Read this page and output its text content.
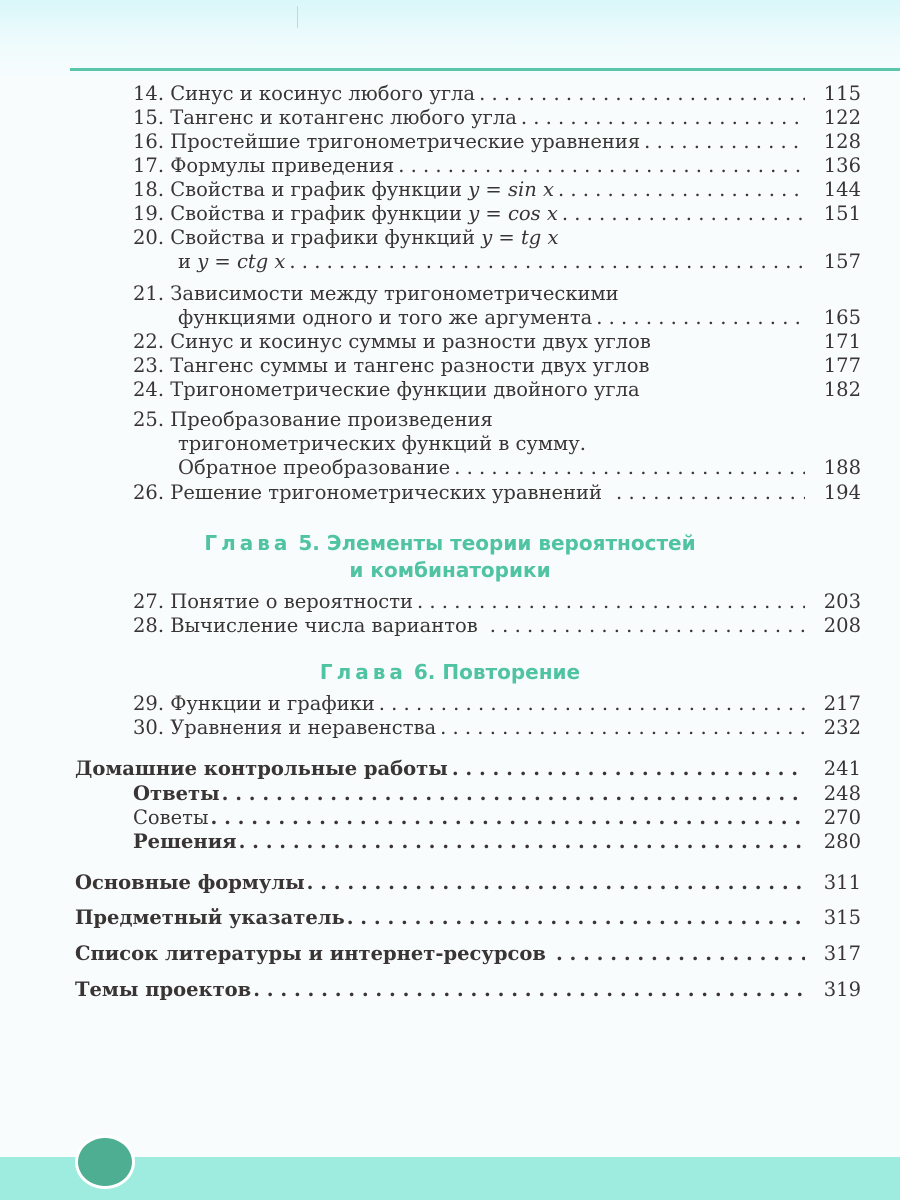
14.
Синус и косинус любого угла . . .	115
15.
Тангенс и котангенс любого угла . . .	122
16.
Простейшие тригонометрические уравнения . . .	128
17.
Формулы приведения . . .	136
18.
Свойства и график функции
y = sin x . . .	144
19.
Свойства и график функции
y = cos x . . .	151
20.
Свойства и графики функций
y = tg x
и
y = ctg x . . .	157
21.
Зависимости между тригонометрическими
функциями одного и того же аргумента . . .	165
22.
Синус и косинус суммы и разности двух углов	171
23.
Тангенс суммы и тангенс разности двух углов	177
24.
Тригонометрические функции двойного угла	182
25.
Преобразование произведения
тригонометрических функций в сумму.
Обратное преобразование . . .	188
26.
Решение тригонометрических уравнений . . .	194
Глава 5. Элементы теории вероятностей
и комбинаторики
27.
Понятие о вероятности . . .	203
28.
Вычисление числа вариантов . . .	208
Глава 6. Повторение
29.
Функции и графики . . .	217
30.
Уравнения и неравенства . . .	232
Домашние контрольные работы . . .	241
Ответы . . .	248
Советы . . .	270
Решения . . .	280
Основные формулы . . .	311
Предметный указатель . . .	315
Список литературы и интернет-ресурсов . . .	317
Темы проектов . . .	319
